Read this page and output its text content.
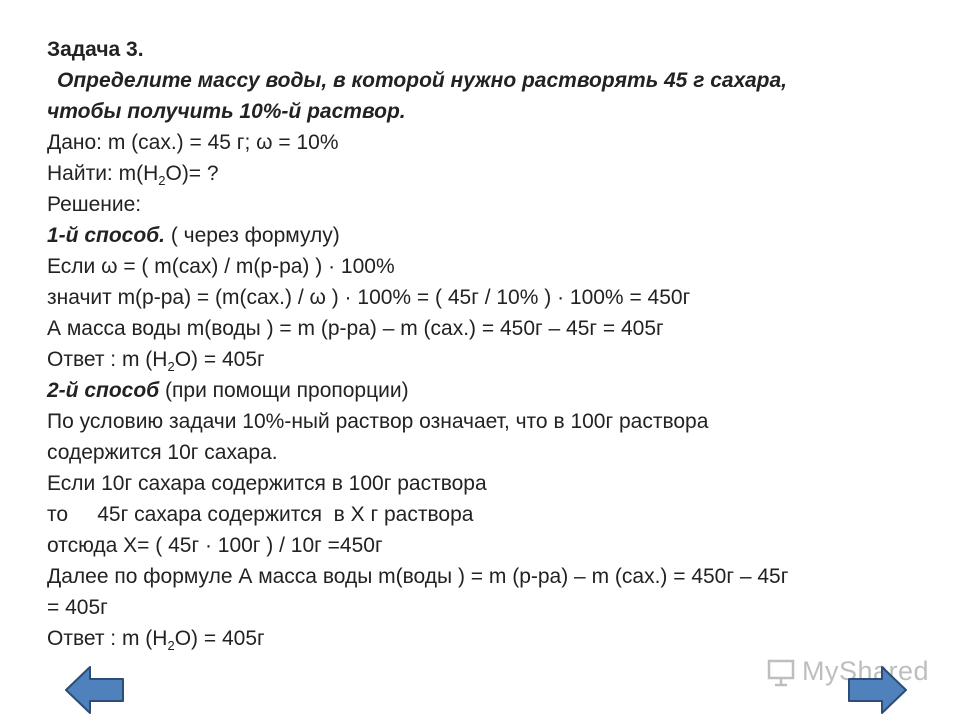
Задача 3.
Определите массу воды, в которой нужно растворять 45 г сахара,
чтобы получить 10%-й раствор.
Дано: m (сах.) = 45 г; ω = 10%
Найти: $m(H_2O)=$ ?
Решение:
1-й способ. ( через формулу)
Если ω = ( m(сах) / m(р-ра) ) · 100%
значит m(р-ра) = (m(сах.) / ω ) · 100% = ( 45г / 10% ) · 100% = 450г
А масса воды m(воды ) = m (р-ра) – m (сах.) = 450г – 45г = 405г
Ответ : m $(H_2O) = 405г$
2-й способ (при помощи пропорции)
По условию задачи 10%-ный раствор означает, что в 100г раствора
содержится 10г сахара.
Если 10г сахара содержится в 100г раствора
то     45г сахара содержится  в Х г раствора
отсюда Х= ( 45г · 100г ) / 10г =450г
Далее по формуле А масса воды m(воды ) = m (р-ра) – m (сах.) = 450г – 45г
= 405г
Ответ : m $(H_2O) = 405г$
MyShared
